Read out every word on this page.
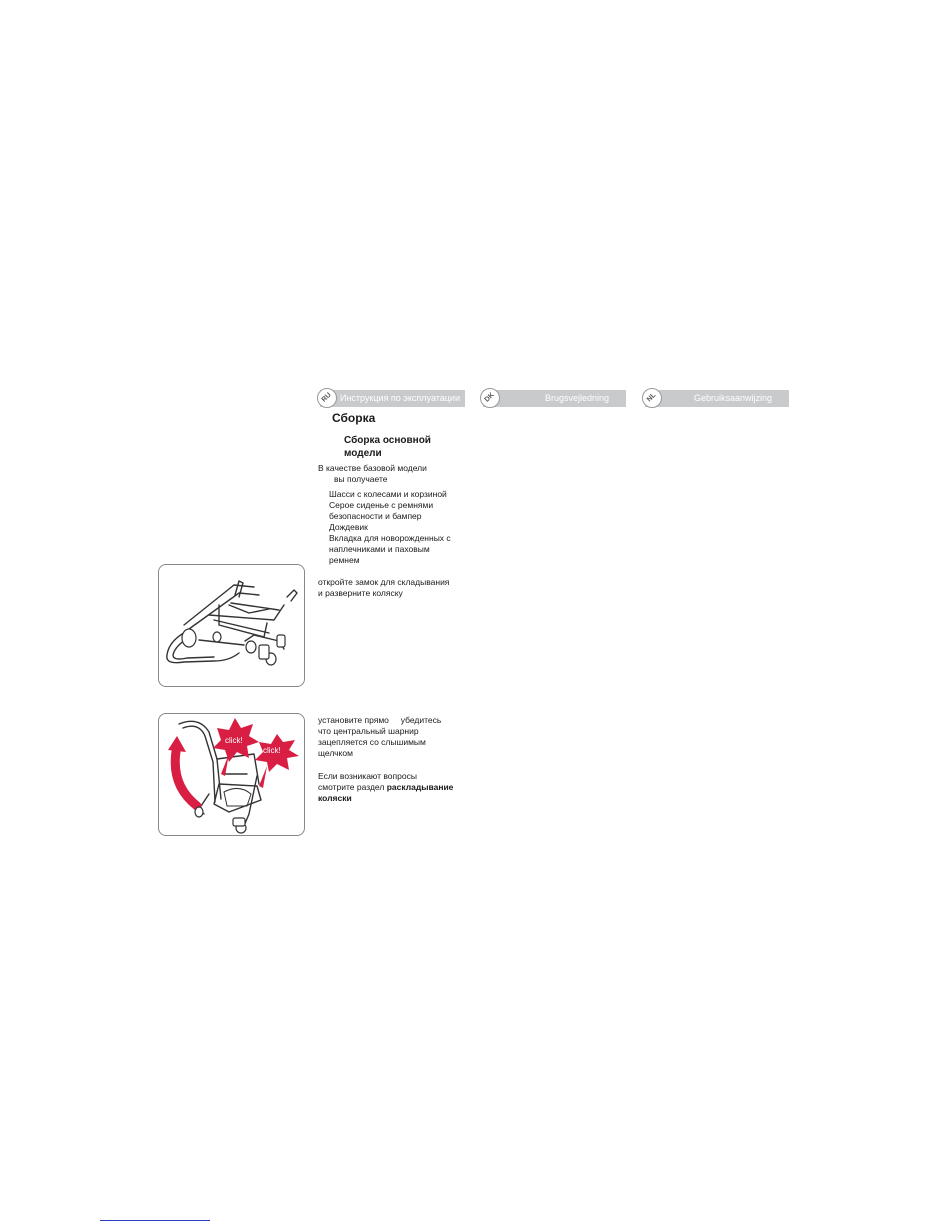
RU Инструкция по эксплуатации	DK	Brugsvejledning	NL	Gebruiksaanwijzing
Сборка
Сборка основной
модели
В качестве базовой модели
вы получаете
Шасси с колесами и корзиной
Серое сиденье с ремнями
безопасности и бампер
Дождевик
Вкладка для новорожденных с
наплечниками и паховым
ремнем
откройте замок для складывания
и разверните коляску
click!
click!
установите прямо     убедитесь
что центральный шарнир
зацепляется со слышимым
щелчком
Если возникают вопросы
смотрите раздел раскладывание
коляски
